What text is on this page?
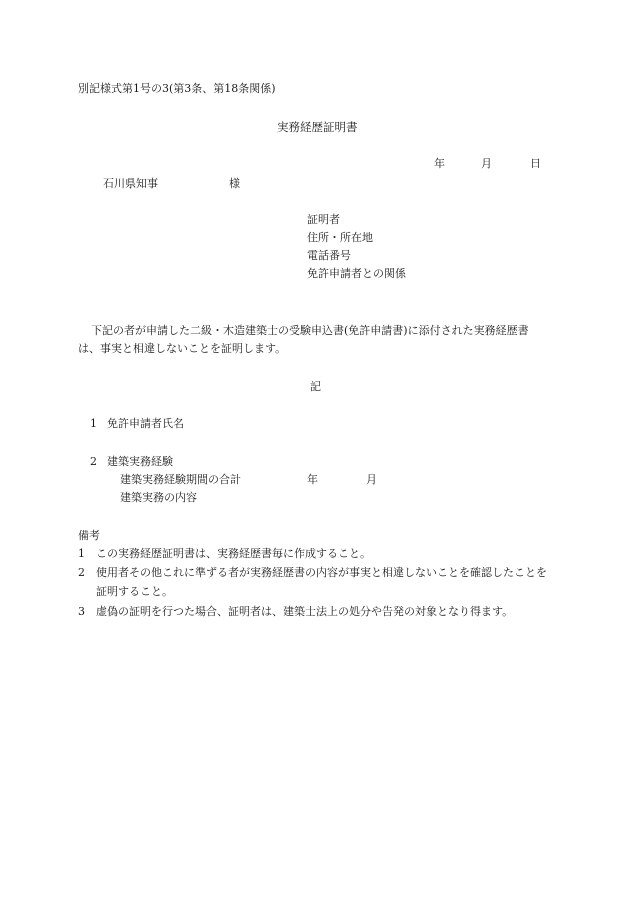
別記様式第1号の3(第3条、第18条関係)
実務経歴証明書
年	月	日
石川県知事	様
証明者
住所・所在地
電話番号
免許申請者との関係
下記の者が申請した二級・木造建築士の受験申込書(免許申請書)に添付された実務経歴書は、事実と相違しないことを証明します。
記
1 免許申請者氏名
2 建築実務経験
建築実務経験期間の合計	年	月
建築実務の内容
備考
1 この実務経歴証明書は、実務経歴書毎に作成すること。
2	使用者その他これに準ずる者が実務経歴書の内容が事実と相違しないことを確認したことを証明すること。
3 虚偽の証明を行つた場合、証明者は、建築士法上の処分や告発の対象となり得ます。
